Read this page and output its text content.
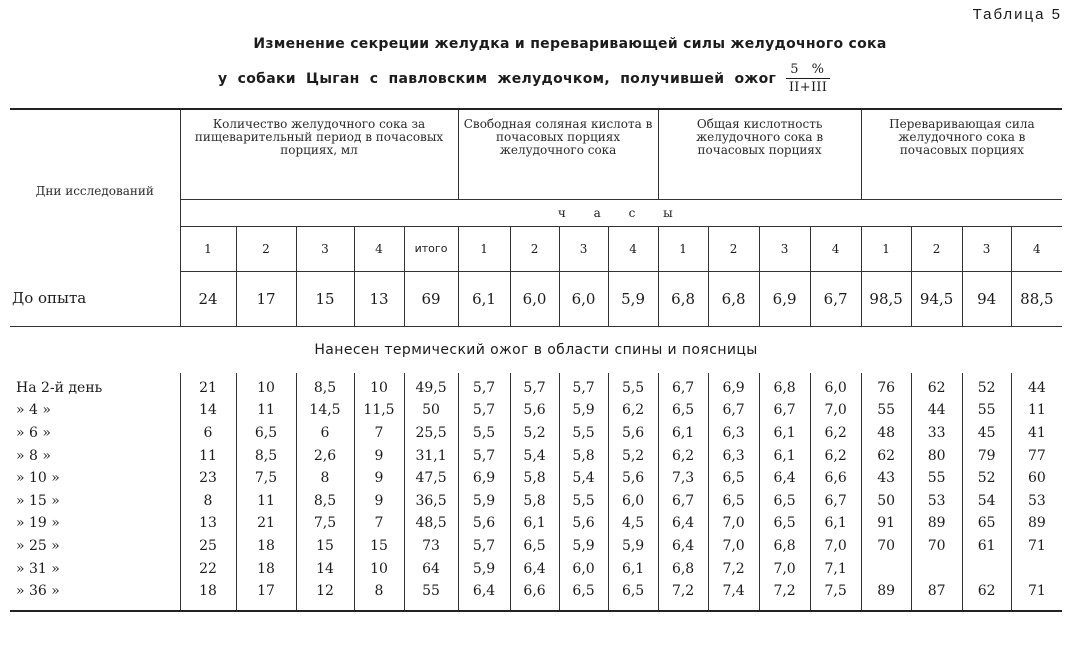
Таблица 5
Изменение секреции желудка и переваривающей силы желудочного сока
у собаки Цыган с павловским желудочком, получившей ожог $\frac{5 \%}{\text{II+III}}$
Дни исследований	Количество желудочного сока за пищеварительный период в почасовых порциях, мл					Свободная соляная кислота в почасовых порциях желудочного сока				Общая кислотность желудочного сока в почасовых порциях				Переваривающая сила желудочного сока в почасовых порциях			
	ч а с ы																
	1	2	3	4	итого	1	2	3	4	1	2	3	4	1	2	3	4
До опыта	24	17	15	13	69	6,1	6,0	6,0	5,9	6,8	6,8	6,9	6,7	98,5	94,5	94	88,5
Нанесен термический ожог в области спины и поясницы																	
На 2-й день	21	10	8,5	10	49,5	5,7	5,7	5,7	5,5	6,7	6,9	6,8	6,0	76	62	52	44
» 4 »	14	11	14,5	11,5	50	5,7	5,6	5,9	6,2	6,5	6,7	6,7	7,0	55	44	55	11
» 6 »	6	6,5	6	7	25,5	5,5	5,2	5,5	5,6	6,1	6,3	6,1	6,2	48	33	45	41
» 8 »	11	8,5	2,6	9	31,1	5,7	5,4	5,8	5,2	6,2	6,3	6,1	6,2	62	80	79	77
» 10 »	23	7,5	8	9	47,5	6,9	5,8	5,4	5,6	7,3	6,5	6,4	6,6	43	55	52	60
» 15 »	8	11	8,5	9	36,5	5,9	5,8	5,5	6,0	6,7	6,5	6,5	6,7	50	53	54	53
» 19 »	13	21	7,5	7	48,5	5,6	6,1	5,6	4,5	6,4	7,0	6,5	6,1	91	89	65	89
» 25 »	25	18	15	15	73	5,7	6,5	5,9	5,9	6,4	7,0	6,8	7,0	70	70	61	71
» 31 »	22	18	14	10	64	5,9	6,4	6,0	6,1	6,8	7,2	7,0	7,1				
» 36 »	18	17	12	8	55	6,4	6,6	6,5	6,5	7,2	7,4	7,2	7,5	89	87	62	71
